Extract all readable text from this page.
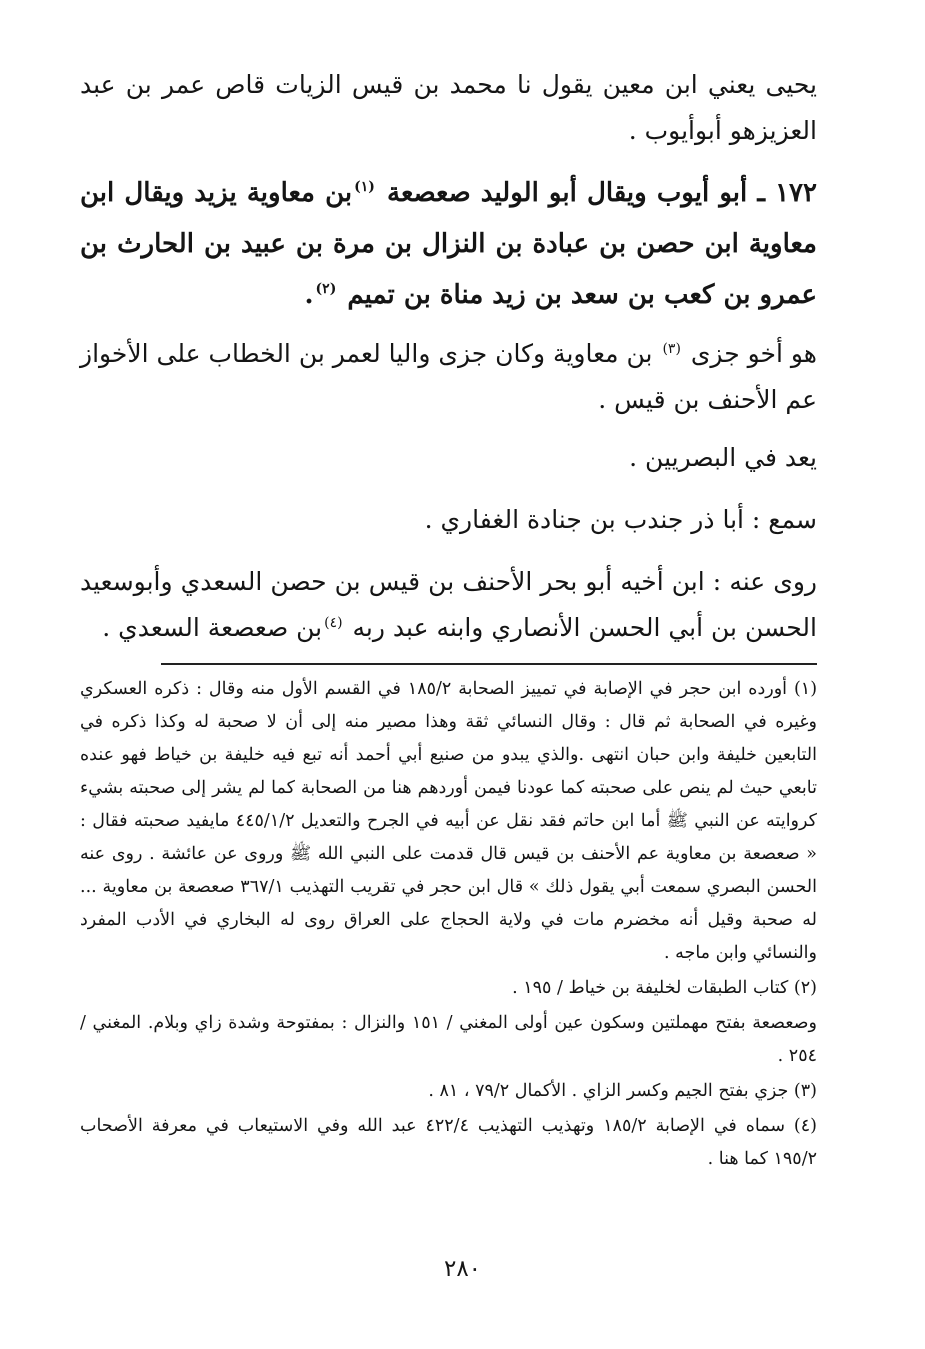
يحيى يعني ابن معين يقول نا محمد بن قيس الزيات قاص عمر بن عبد العزيزهو أبوأيوب .

١٧٢ ـ أبو أيوب ويقال أبو الوليد صعصعة $^{(١)}$بن معاوية يزيد ويقال ابن معاوية ابن حصن بن عبادة بن النزال بن مرة بن عبيد بن الحارث بن عمرو بن كعب بن سعد بن زيد مناة بن تميم $^{(٢)}$.

هو أخو جزى $^{(٣)}$ بن معاوية وكان جزى واليا لعمر بن الخطاب على الأخواز عم الأحنف بن قيس .

يعد في البصريين .

سمع : أبا ذر جندب بن جنادة الغفاري .

روى عنه : ابن أخيه أبو بحر الأحنف بن قيس بن حصن السعدي وأبوسعيد الحسن بن أبي الحسن الأنصاري وابنه عبد ربه $^{(٤)}$بن صعصعة السعدي .

(١) أورده ابن حجر في الإصابة في تمييز الصحابة ١٨٥/٢ في القسم الأول منه وقال : ذكره العسكري وغيره في الصحابة ثم قال : وقال النسائي ثقة وهذا مصير منه إلى أن لا صحبة له وكذا ذكره في التابعين خليفة وابن حبان انتهى .والذي يبدو من صنيع أبي أحمد أنه تبع فيه خليفة بن خياط فهو عنده تابعي حيث لم ينص على صحبته كما عودنا فيمن أوردهم هنا من الصحابة كما لم يشر إلى صحبته بشيء كروايته عن النبي ﷺ أما ابن حاتم فقد نقل عن أبيه في الجرح والتعديل ٤٤٥/١/٢ مايفيد صحبته فقال : « صعصعة بن معاوية عم الأحنف بن قيس قال قدمت على النبي الله ﷺ وروى عن عائشة . روى عنه الحسن البصري سمعت أبي يقول ذلك » قال ابن حجر في تقريب التهذيب ٣٦٧/١ صعصعة بن معاوية ... له صحبة وقيل أنه مخضرم مات في ولاية الحجاج على العراق روى له البخاري في الأدب المفرد والنسائي وابن ماجه .

(٢) كتاب الطبقات لخليفة بن خياط / ١٩٥ .

وصعصعة بفتح مهملتين وسكون عين أولى المغني / ١٥١ والنزال : بمفتوحة وشدة زاي وبلام. المغني / ٢٥٤ .

(٣) جزي بفتح الجيم وكسر الزاي . الأكمال ٧٩/٢ ، ٨١ .

(٤) سماه في الإصابة ١٨٥/٢ وتهذيب التهذيب ٤٢٢/٤ عبد الله وفي الاستيعاب في معرفة الأصحاب ١٩٥/٢ كما هنا .

٢٨٠
